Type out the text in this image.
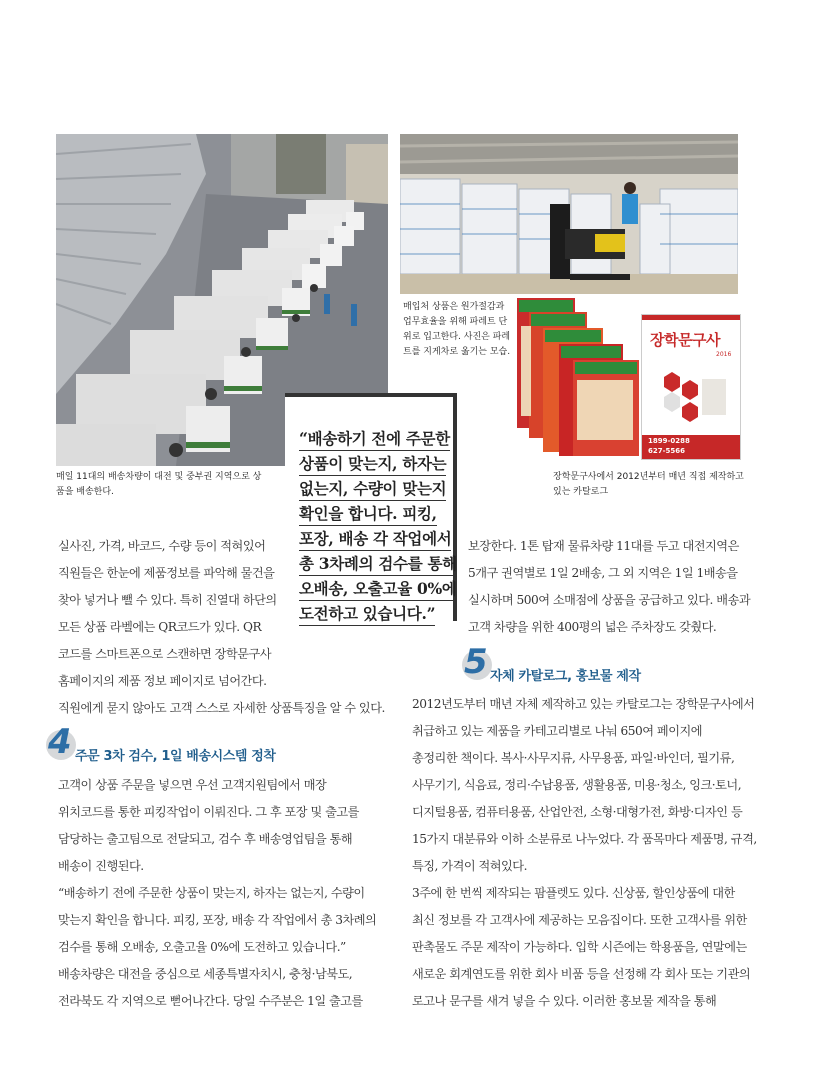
매일 11대의 배송차량이 대전 및 중부권 지역으로 상
품을 배송한다.
매입처 상품은 원가절감과
업무효율을 위해 파레트 단
위로 입고한다. 사진은 파레
트를 지게차로 옮기는 모습.
장학문구사
2016
1899-0288
627-5566
장학문구사에서 2012년부터 매년 직접 제작하고
있는 카탈로그
“배송하기 전에 주문한
상품이 맞는지, 하자는
없는지, 수량이 맞는지
확인을 합니다. 피킹,
포장, 배송 각 작업에서
총 3차례의 검수를 통해
오배송, 오출고율 0%에
도전하고 있습니다.”
실사진, 가격, 바코드, 수량 등이 적혀있어
직원들은 한눈에 제품정보를 파악해 물건을
찾아 넣거나 뺄 수 있다. 특히 진열대 하단의
모든 상품 라벨에는 QR코드가 있다. QR
코드를 스마트폰으로 스캔하면 장학문구사
홈페이지의 제품 정보 페이지로 넘어간다.
직원에게 묻지 않아도 고객 스스로 자세한 상품특징을 알 수 있다.
4 주문 3차 검수, 1일 배송시스템 정착
고객이 상품 주문을 넣으면 우선 고객지원팀에서 매장
위치코드를 통한 피킹작업이 이뤄진다. 그 후 포장 및 출고를
담당하는 출고팀으로 전달되고, 검수 후 배송영업팀을 통해
배송이 진행된다.
“배송하기 전에 주문한 상품이 맞는지, 하자는 없는지, 수량이
맞는지 확인을 합니다. 피킹, 포장, 배송 각 작업에서 총 3차례의
검수를 통해 오배송, 오출고율 0%에 도전하고 있습니다.”
배송차량은 대전을 중심으로 세종특별자치시, 충청·남북도,
전라북도 각 지역으로 뻗어나간다. 당일 수주분은 1일 출고를
보장한다. 1톤 탑재 물류차량 11대를 두고 대전지역은
5개구 권역별로 1일 2배송, 그 외 지역은 1일 1배송을
실시하며 500여 소매점에 상품을 공급하고 있다. 배송과
고객 차량을 위한 400평의 넓은 주차장도 갖췄다.
5 자체 카탈로그, 홍보물 제작
2012년도부터 매년 자체 제작하고 있는 카탈로그는 장학문구사에서
취급하고 있는 제품을 카테고리별로 나눠 650여 페이지에
총정리한 책이다. 복사·사무지류, 사무용품, 파일·바인더, 필기류,
사무기기, 식음료, 정리·수납용품, 생활용품, 미용·청소, 잉크·토너,
디지털용품, 컴퓨터용품, 산업안전, 소형·대형가전, 화방·디자인 등
15가지 대분류와 이하 소분류로 나누었다. 각 품목마다 제품명, 규격,
특징, 가격이 적혀있다.
3주에 한 번씩 제작되는 팜플렛도 있다. 신상품, 할인상품에 대한
최신 정보를 각 고객사에 제공하는 모음집이다. 또한 고객사를 위한
판촉물도 주문 제작이 가능하다. 입학 시즌에는 학용품을, 연말에는
새로운 회계연도를 위한 회사 비품 등을 선정해 각 회사 또는 기관의
로고나 문구를 새겨 넣을 수 있다. 이러한 홍보물 제작을 통해
